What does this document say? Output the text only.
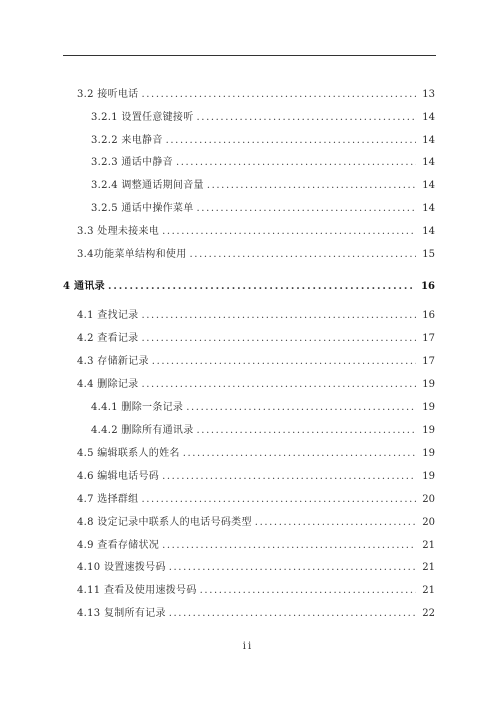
3.2 接听电话 .....	13
3.2.1 设置任意键接听 .....	14
3.2.2 来电静音 .....	14
3.2.3 通话中静音 .....	14
3.2.4 调整通话期间音量 .....	14
3.2.5 通话中操作菜单 .....	14
3.3 处理未接来电 .....	14
3.4功能菜单结构和使用 .....	15
4 通讯录 .....	16
4.1 查找记录 .....	16
4.2 查看记录 .....	17
4.3 存储新记录 .....	17
4.4 删除记录 .....	19
4.4.1 删除一条记录 .....	19
4.4.2 删除所有通讯录 .....	19
4.5 编辑联系人的姓名 .....	19
4.6 编辑电话号码 .....	19
4.7 选择群组 .....	20
4.8 设定记录中联系人的电话号码类型 .....	20
4.9 查看存储状况 .....	21
4.10 设置速拨号码 .....	21
4.11 查看及使用速拨号码 .....	21
4.13 复制所有记录 .....	22
ii
